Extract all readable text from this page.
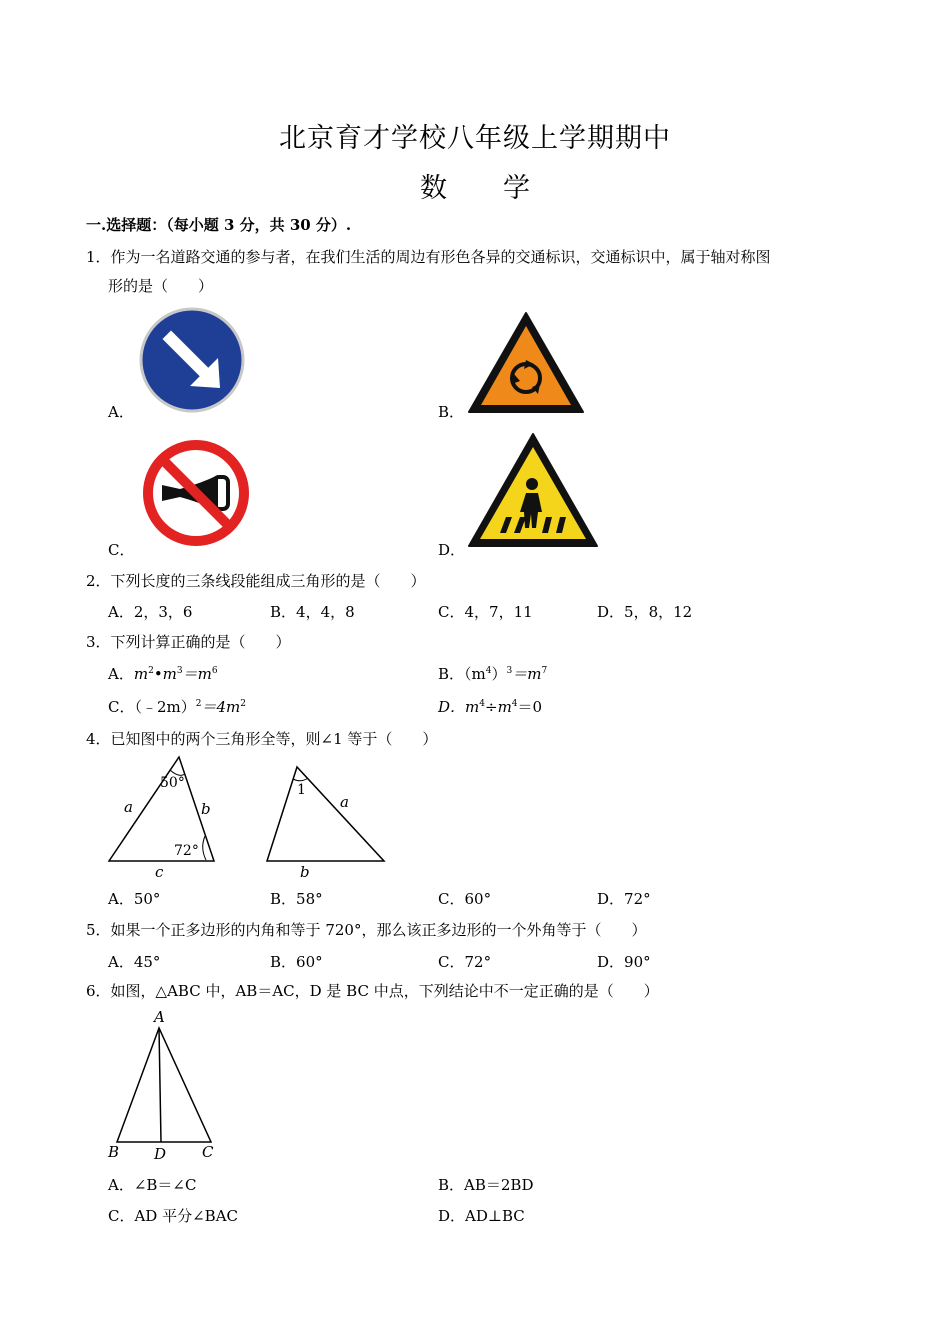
北京育才学校八年级上学期期中
数 学
一.选择题：（每小题 3 分，共 30 分）.
1．作为一名道路交通的参与者，在我们生活的周边有形色各异的交通标识，交通标识中，属于轴对称图
形的是（　　）
A．	B．
C．	D．
2．下列长度的三条线段能组成三角形的是（　　）
A．2，3，6	B．4，4，8	C．4，7，11	D．5，8，12
3．下列计算正确的是（　　）
A．$m^2•m^3=m^6$	B．$(m^4)^3=m^7$
C．$(﹣2m)^2=4m^2$	D．$m^4\div m^4=0$
4．已知图中的两个三角形全等，则∠1 等于（　　）
50°
a	b
72°
c
1
a
b
A．50°	B．58°	C．60°	D．72°
5．如果一个正多边形的内角和等于 720°，那么该正多边形的一个外角等于（　　）
A．45°	B．60°	C．72°	D．90°
6．如图，△ABC 中，AB＝AC，D 是 BC 中点，下列结论中不一定正确的是（　　）
A
B D C
A．∠B＝∠C	B．AB＝2BD
C．AD 平分∠BAC	D．AD⊥BC
